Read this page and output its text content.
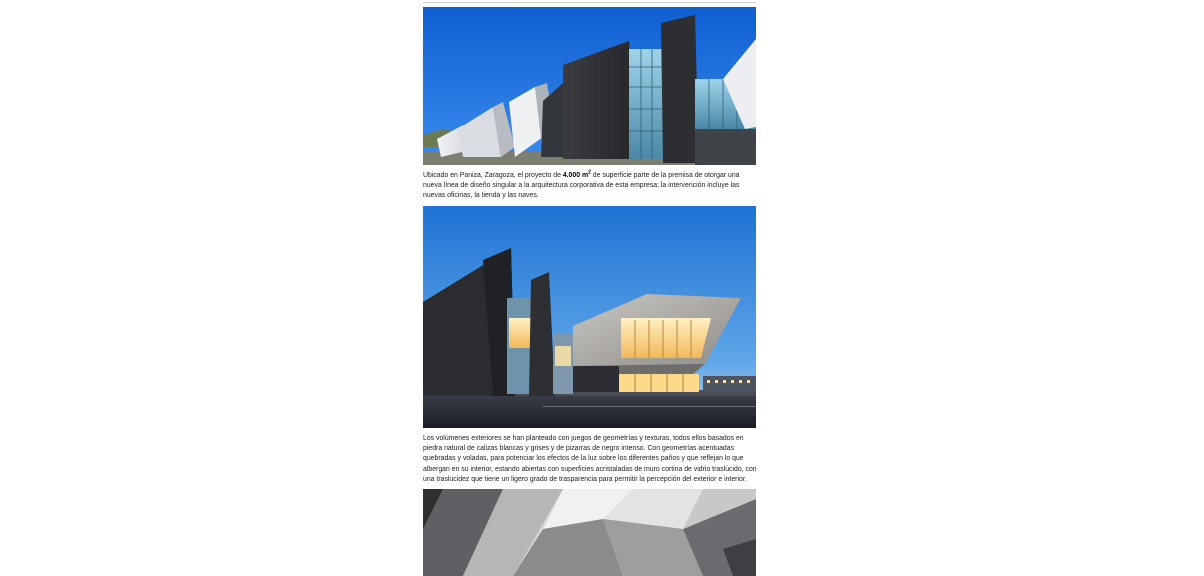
Ubicado en Paniza, Zaragoza, el proyecto de 4.000 $m^2$ de superficie parte de la premisa de otorgar una nueva línea de diseño singular a la arquitectura corporativa de esta empresa; la intervención incluye las nuevas oficinas, la tienda y las naves.

Los volúmenes exteriores se han planteado con juegos de geometrías y texturas, todos ellos basados en piedra natural de calizas blancas y grises y de pizarras de negro intenso. Con geometrías acentuadas quebradas y voladas, para potenciar los efectos de la luz sobre los diferentes paños y que reflejan lo que albergan en su interior, estando abiertas con superficies acristaladas de muro cortina de vidrio traslúcido, con una traslucidez que tiene un ligero grado de trasparencia para permitir la percepción del exterior e interior.
